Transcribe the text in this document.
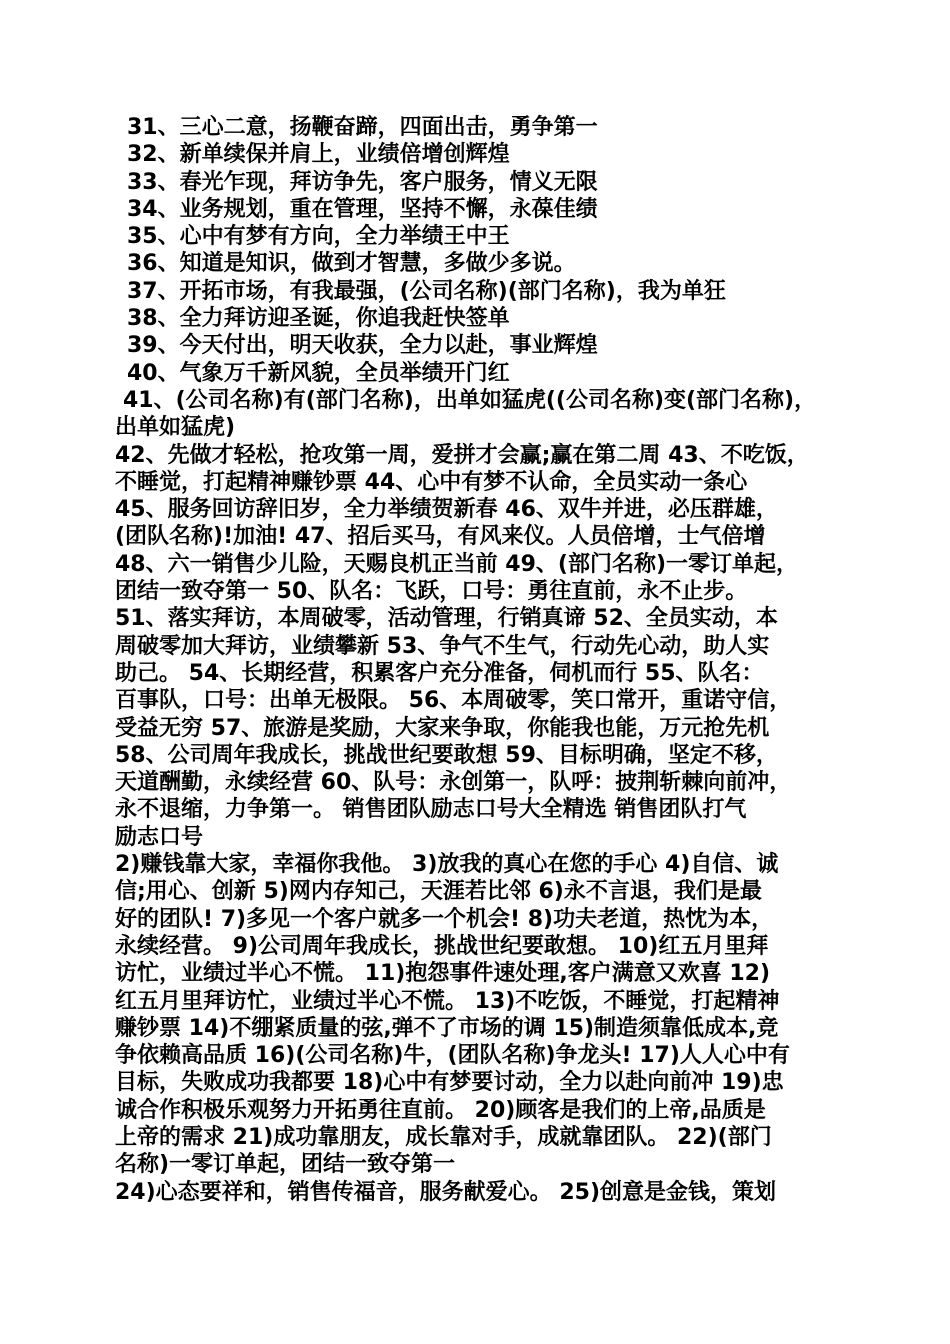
31、三心二意，扬鞭奋蹄，四面出击，勇争第一
32、新单续保并肩上，业绩倍增创辉煌
33、春光乍现，拜访争先，客户服务，情义无限
34、业务规划，重在管理，坚持不懈，永葆佳绩
35、心中有梦有方向，全力举绩王中王
36、知道是知识，做到才智慧，多做少多说。
37、开拓市场，有我最强，(公司名称)(部门名称)，我为单狂
38、全力拜访迎圣诞，你追我赶快签单
39、今天付出，明天收获，全力以赴，事业辉煌
40、气象万千新风貌，全员举绩开门红
41、(公司名称)有(部门名称)，出单如猛虎((公司名称)变(部门名称)，
出单如猛虎)
42、先做才轻松，抢攻第一周，爱拼才会赢;赢在第二周 43、不吃饭，
不睡觉，打起精神赚钞票 44、心中有梦不认命，全员实动一条心
45、服务回访辞旧岁，全力举绩贺新春 46、双牛并进，必压群雄，
(团队名称)!加油! 47、招后买马，有风来仪。人员倍增，士气倍增
48、六一销售少儿险，天赐良机正当前 49、(部门名称)一零订单起，
团结一致夺第一 50、队名：飞跃，口号：勇往直前，永不止步。
51、落实拜访，本周破零，活动管理，行销真谛 52、全员实动，本
周破零加大拜访，业绩攀新 53、争气不生气，行动先心动，助人实
助己。 54、长期经营，积累客户充分准备，伺机而行 55、队名：
百事队，口号：出单无极限。 56、本周破零，笑口常开，重诺守信，
受益无穷 57、旅游是奖励，大家来争取，你能我也能，万元抢先机
58、公司周年我成长，挑战世纪要敢想 59、目标明确，坚定不移，
天道酬勤，永续经营 60、队号：永创第一，队呼：披荆斩棘向前冲，
永不退缩，力争第一。 销售团队励志口号大全精选 销售团队打气
励志口号
2)赚钱靠大家，幸福你我他。 3)放我的真心在您的手心 4)自信、诚
信;用心、创新 5)网内存知己，天涯若比邻 6)永不言退，我们是最
好的团队! 7)多见一个客户就多一个机会! 8)功夫老道，热忱为本，
永续经营。 9)公司周年我成长，挑战世纪要敢想。 10)红五月里拜
访忙，业绩过半心不慌。 11)抱怨事件速处理,客户满意又欢喜 12)
红五月里拜访忙，业绩过半心不慌。 13)不吃饭，不睡觉，打起精神
赚钞票 14)不绷紧质量的弦,弹不了市场的调 15)制造须靠低成本,竞
争依赖高品质 16)(公司名称)牛，(团队名称)争龙头! 17)人人心中有
目标，失败成功我都要 18)心中有梦要讨动，全力以赴向前冲 19)忠
诚合作积极乐观努力开拓勇往直前。 20)顾客是我们的上帝,品质是
上帝的需求 21)成功靠朋友，成长靠对手，成就靠团队。 22)(部门
名称)一零订单起，团结一致夺第一
24)心态要祥和，销售传福音，服务献爱心。 25)创意是金钱，策划
